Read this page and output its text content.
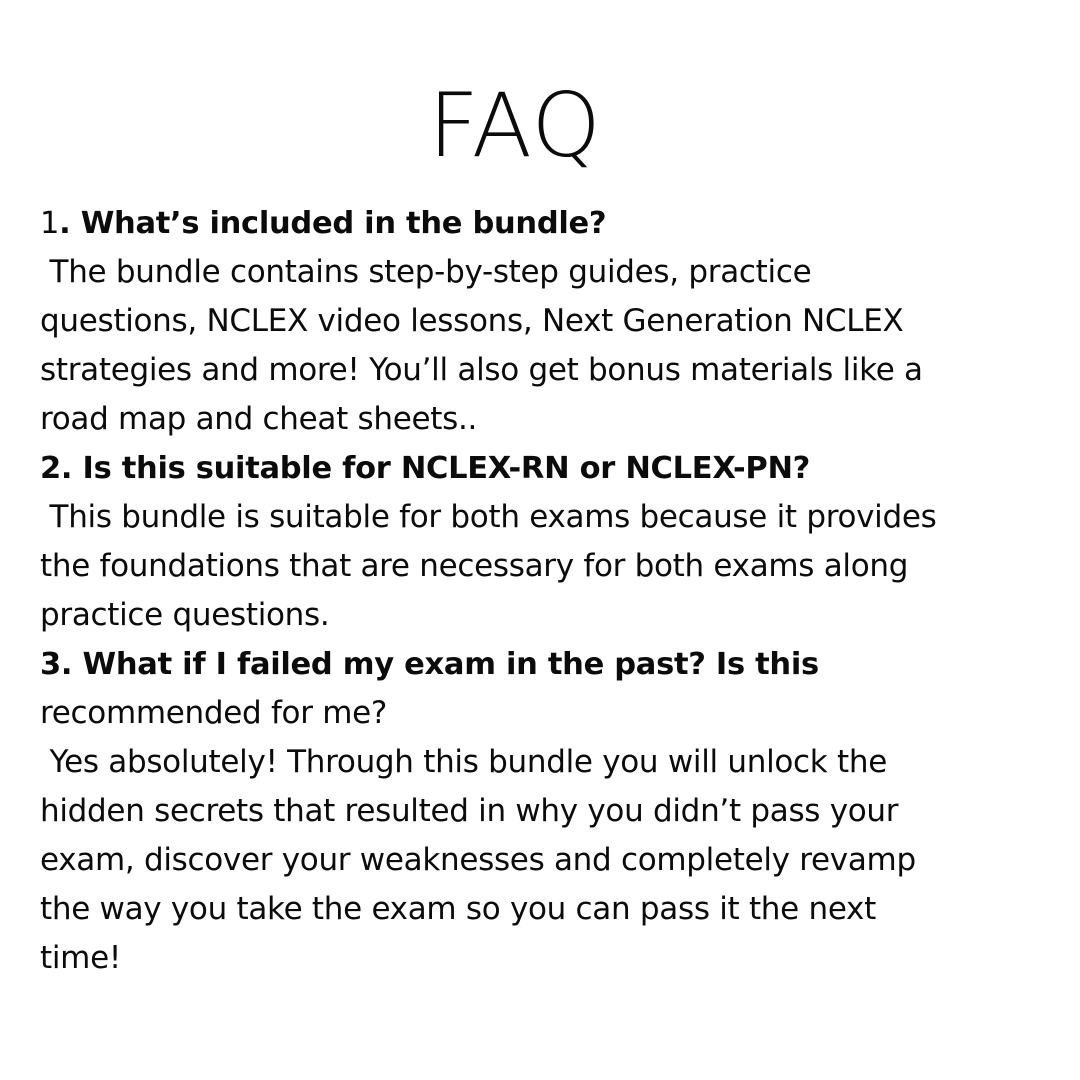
FAQ
1. What’s included in the bundle?
The bundle contains step-by-step guides, practice
questions, NCLEX video lessons, Next Generation NCLEX
strategies and more! You’ll also get bonus materials like a
road map and cheat sheets..
2. Is this suitable for NCLEX-RN or NCLEX-PN?
This bundle is suitable for both exams because it provides
the foundations that are necessary for both exams along
practice questions.
3. What if I failed my exam in the past? Is this
recommended for me?
Yes absolutely! Through this bundle you will unlock the
hidden secrets that resulted in why you didn’t pass your
exam, discover your weaknesses and completely revamp
the way you take the exam so you can pass it the next
time!
